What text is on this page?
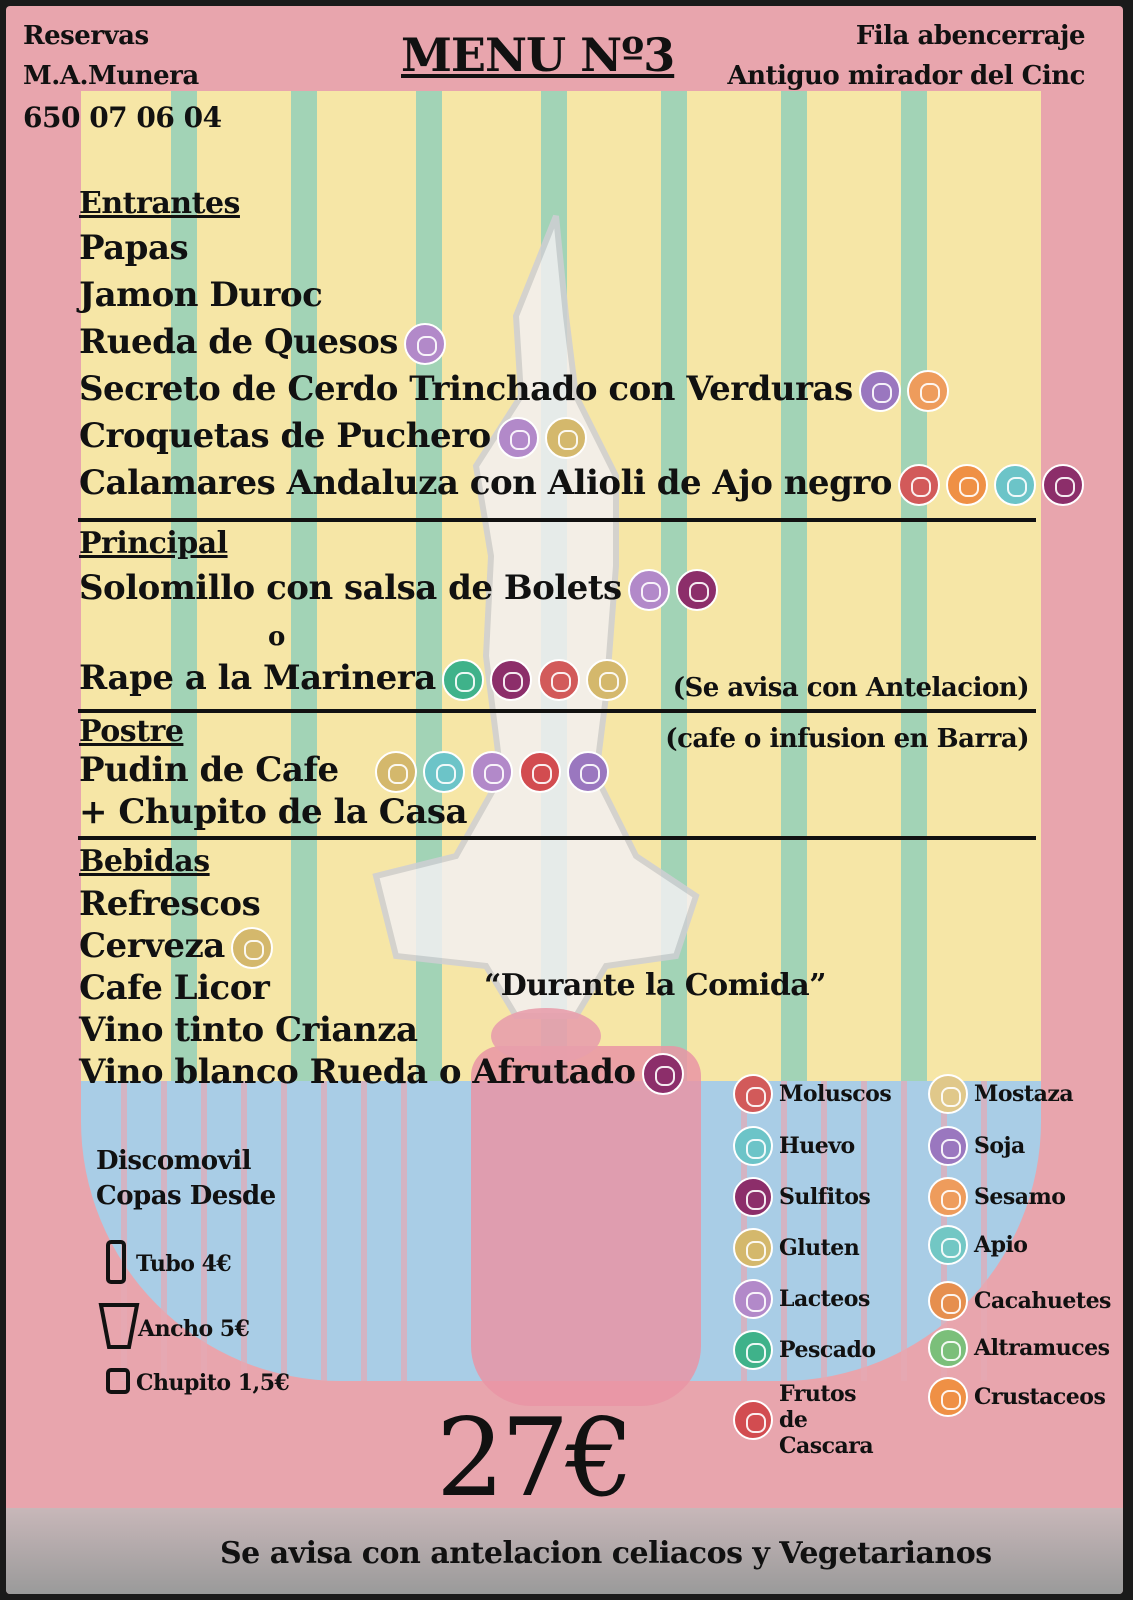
Reservas
M.A.Munera
650 07 06 04
MENU Nº3	Fila abencerraje
Antiguo mirador del Cinc
Entrantes
Papas
Jamon Duroc
Rueda de Quesos
Secreto de Cerdo Trinchado con Verduras
Croquetas de Puchero
Calamares Andaluza con Alioli de Ajo negro
Principal
Solomillo con salsa de Bolets
o
Rape a la Marinera	(Se avisa con Antelacion)
Postre	(cafe o infusion en Barra)
Pudin de Cafe
+ Chupito de la Casa
Bebidas
Refrescos
Cerveza
Cafe Licor	“Durante la Comida”
Vino tinto Crianza
Vino blanco Rueda o Afrutado
Discomovil
Copas Desde
Tubo 4€
Ancho 5€
Chupito 1,5€
Moluscos
Huevo
Sulfitos
Gluten
Lacteos
Pescado
Frutos de Cascara
Mostaza
Soja
Sesamo
Apio
Cacahuetes
Altramuces
Crustaceos
27€
Se avisa con antelacion celiacos y Vegetarianos
